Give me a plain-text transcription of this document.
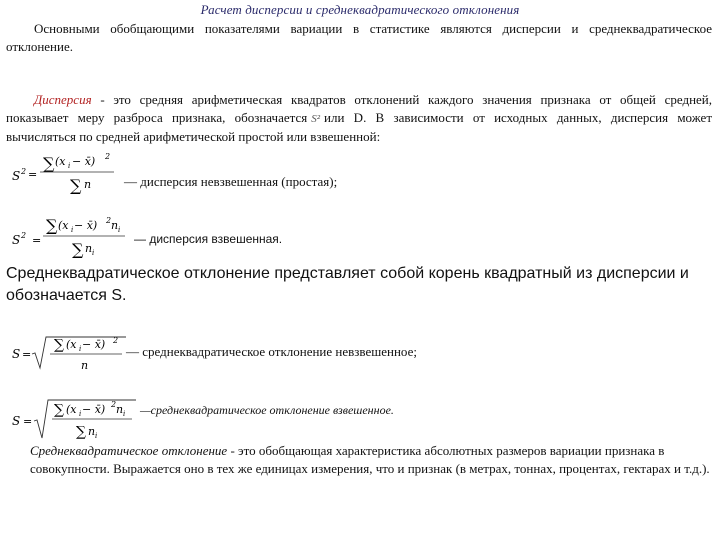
Расчет дисперсии и среднеквадратического отклонения
Основными обобщающими показателями вариации в статистике являются дисперсии и среднеквадратическое отклонение.
Дисперсия - это средняя арифметическая квадратов отклонений каждого значения признака от общей средней, показывает меру разброса признака, обозначается S² или D. В зависимости от исходных данных, дисперсия может вычисляться по средней арифметической простой или взвешенной:
S 2 =
∑ (x i − x̄) 2
∑ n	— дисперсия невзвешенная (простая);
S 2 =
∑ (x i − x̄) 2 n i
∑ n i
— дисперсия взвешенная.
Среднеквадратическое отклонение представляет собой корень квадратный из дисперсии и обозначается S.
S =
∑ (x i − x̄) 2
n
— среднеквадратическое отклонение невзвешенное;
S =
∑ (x i − x̄) 2 n i
∑ n i
—среднеквадратическое отклонение взвешенное.
Среднеквадратическое отклонение - это обобщающая характеристика абсолютных размеров вариации признака в совокупности. Выражается оно в тех же единицах измерения, что и признак (в метрах, тоннах, процентах, гектарах и т.д.).
